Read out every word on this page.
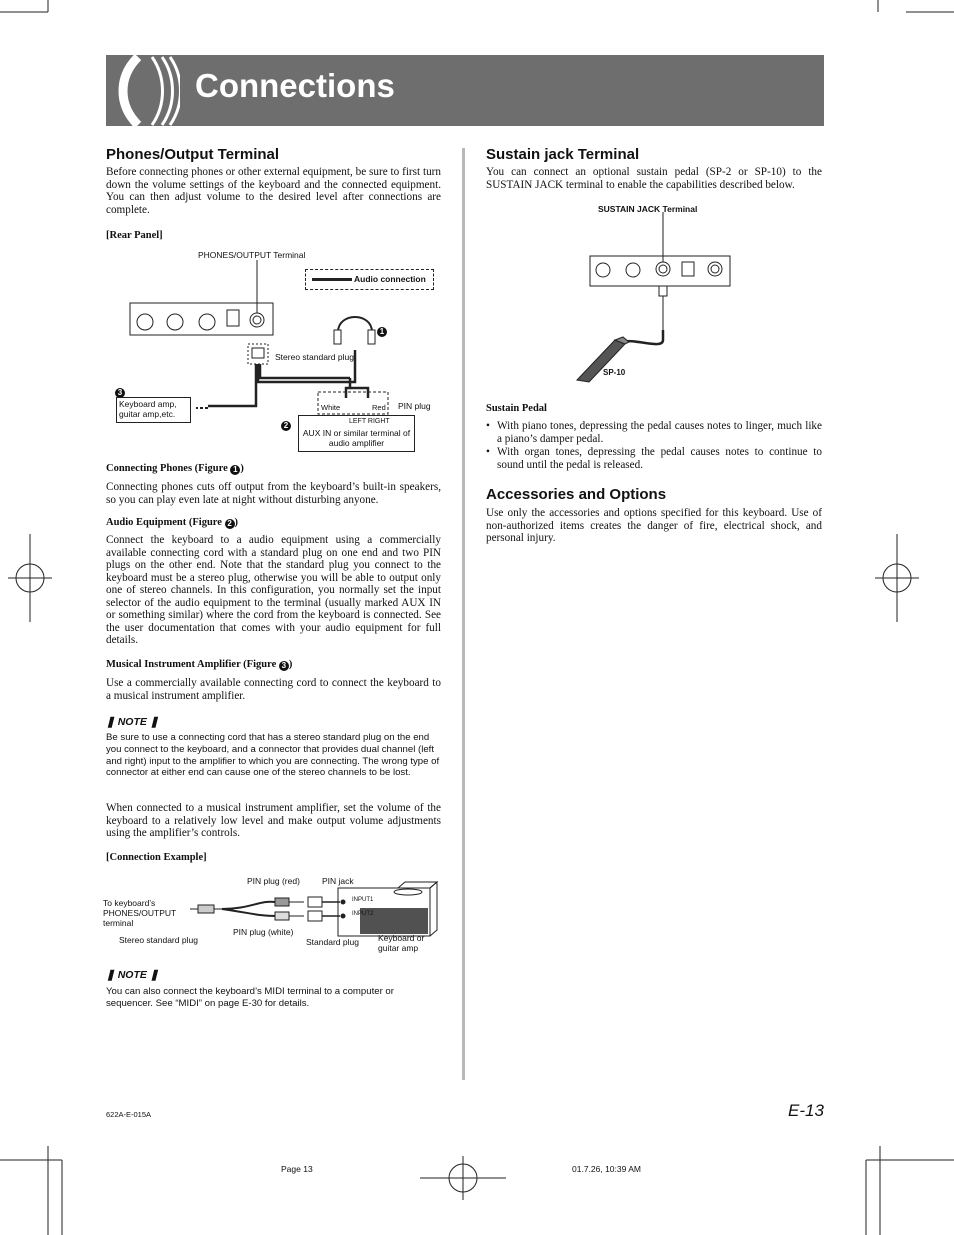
Connections
Phones/Output Terminal
Before connecting phones or other external equipment, be sure to first turn down the volume settings of the keyboard and the connected equipment. You can then adjust volume to the desired level after connections are complete.
[Rear Panel]
PHONES/OUTPUT Terminal
Audio connection
1
Stereo standard plug
PIN plug
White	Red
3
Keyboard amp, guitar amp,etc.
2	LEFT RIGHT
AUX IN or similar terminal of audio amplifier
Connecting Phones (Figure 1 )
Connecting phones cuts off output from the keyboard’s built-in speakers, so you can play even late at night without disturbing anyone.
Audio Equipment (Figure 2 )
Connect the keyboard to a audio equipment using a commercially available connecting cord with a standard plug on one end and two PIN plugs on the other end. Note that the standard plug you connect to the keyboard must be a stereo plug, otherwise you will be able to output only one of stereo channels. In this configuration, you normally set the input selector of the audio equipment to the terminal (usually marked AUX IN or something similar) where the cord from the keyboard is connected. See the user documentation that comes with your audio equipment for full details.
Musical Instrument Amplifier (Figure 3 )
Use a commercially available connecting cord to connect the keyboard to a musical instrument amplifier.
❚ NOTE ❚
Be sure to use a connecting cord that has a stereo standard plug on the end you connect to the keyboard, and a connector that provides dual channel (left and right) input to the amplifier to which you are connecting. The wrong type of connector at either end can cause one of the stereo channels to be lost.
When connected to a musical instrument amplifier, set the volume of the keyboard to a relatively low level and make output volume adjustments using the amplifier’s controls.
[Connection Example]
PIN plug (red)	PIN jack
To keyboard’s PHONES/OUTPUT terminal
INPUT1
INPUT2
PIN plug (white)
Stereo standard plug	Standard plug Keyboard or guitar amp
❚ NOTE ❚
You can also connect the keyboard’s MIDI terminal to a computer or sequencer. See “MIDI” on page E-30 for details.
Sustain jack Terminal
You can connect an optional sustain pedal (SP-2 or SP-10) to the SUSTAIN JACK terminal to enable the capabilities described below.
SUSTAIN JACK Terminal
SP-10
Sustain Pedal
• With piano tones, depressing the pedal causes notes to linger, much like a piano’s damper pedal.
• With organ tones, depressing the pedal causes notes to continue to sound until the pedal is released.
Accessories and Options
Use only the accessories and options specified for this keyboard. Use of non-authorized items creates the danger of fire, electrical shock, and personal injury.
E-13
622A-E-015A
Page 13	01.7.26, 10:39 AM
